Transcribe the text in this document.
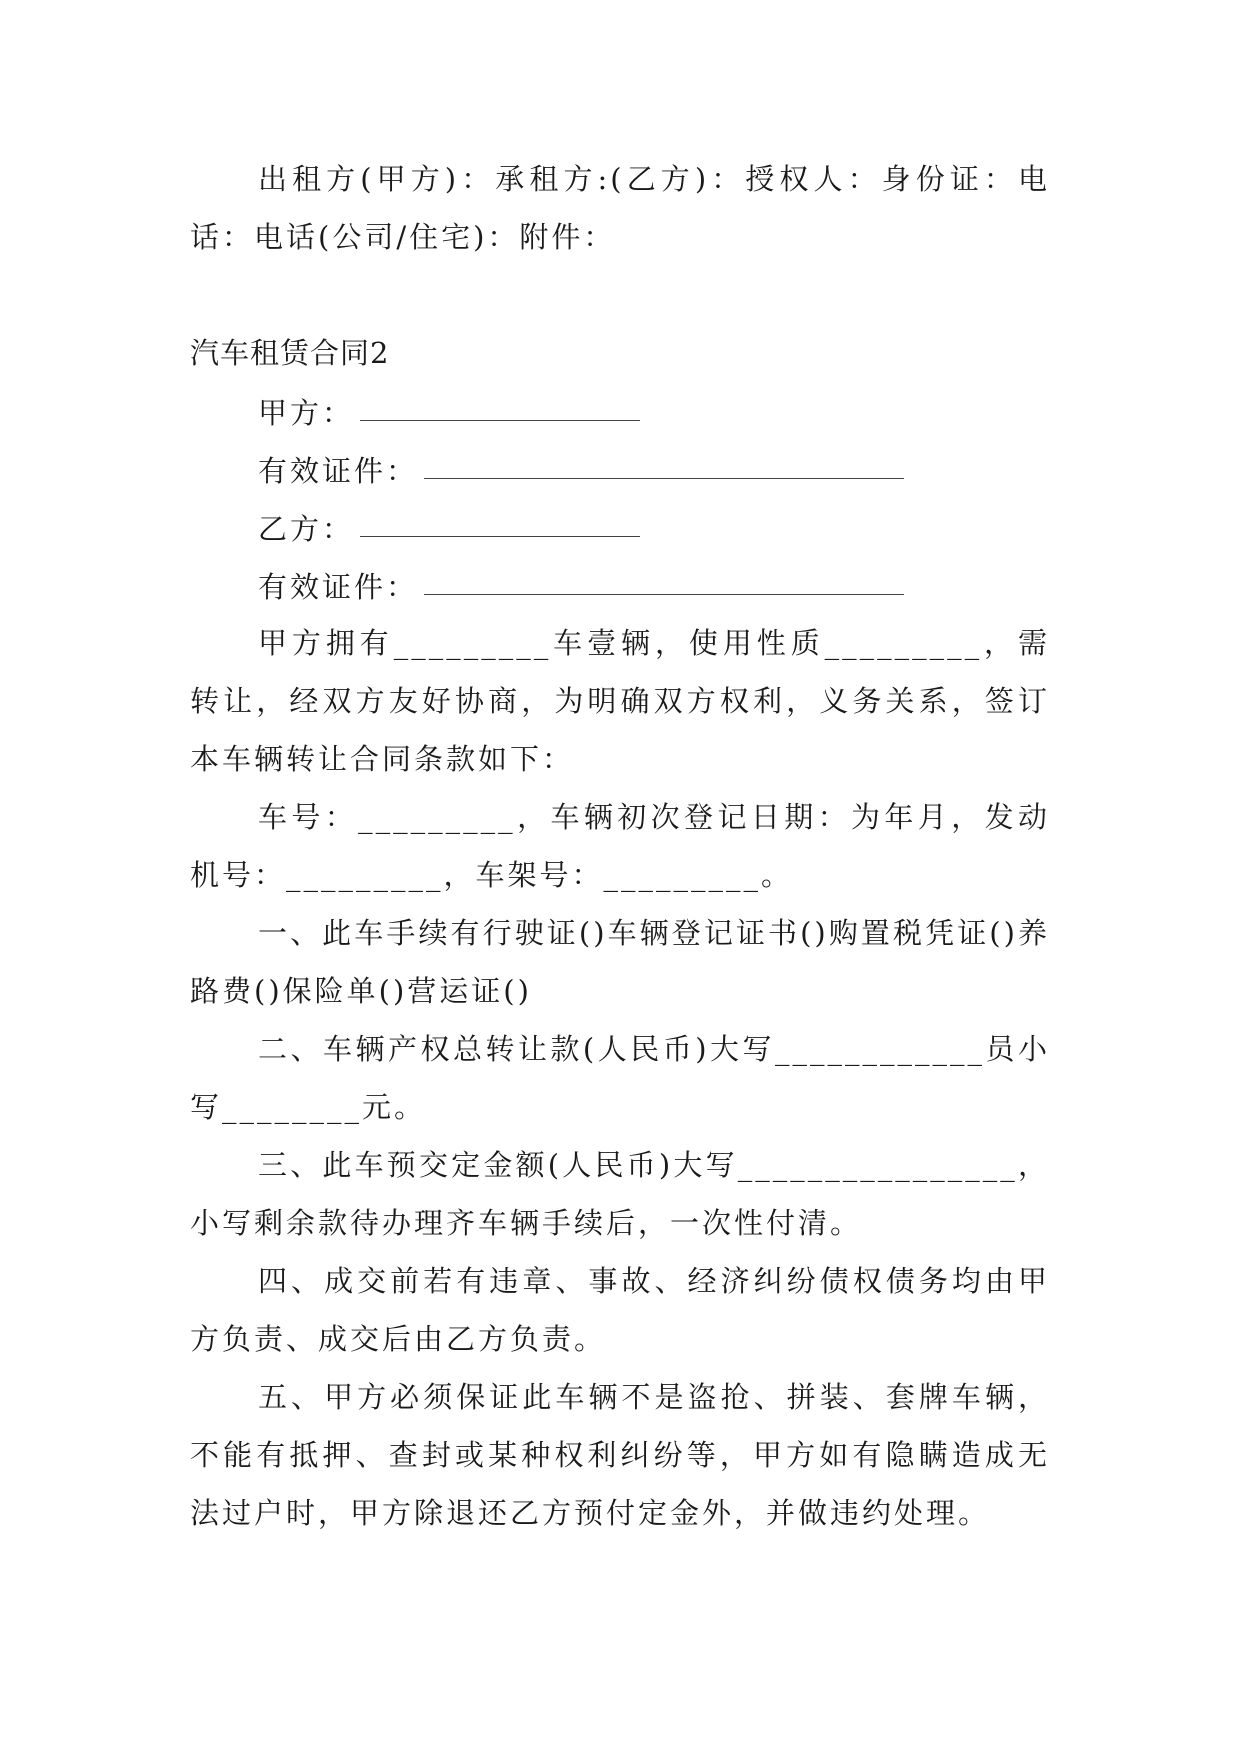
出租方(甲方)：承租方:(乙方)：授权人：身份证：电话：电话(公司/住宅)：附件：

汽车租赁合同2

甲方：
有效证件：
乙方：
有效证件：

甲方拥有_________车壹辆，使用性质_________，需转让，经双方友好协商，为明确双方权利，义务关系，签订本车辆转让合同条款如下：

车号：_________，车辆初次登记日期：为年月，发动机号：_________，车架号：_________。

一、此车手续有行驶证()车辆登记证书()购置税凭证()养路费()保险单()营运证()

二、车辆产权总转让款(人民币)大写____________员小写________元。

三、此车预交定金额(人民币)大写________________，小写剩余款待办理齐车辆手续后，一次性付清。

四、成交前若有违章、事故、经济纠纷债权债务均由甲方负责、成交后由乙方负责。

五、甲方必须保证此车辆不是盗抢、拼装、套牌车辆，不能有抵押、查封或某种权利纠纷等，甲方如有隐瞒造成无法过户时，甲方除退还乙方预付定金外，并做违约处理。
